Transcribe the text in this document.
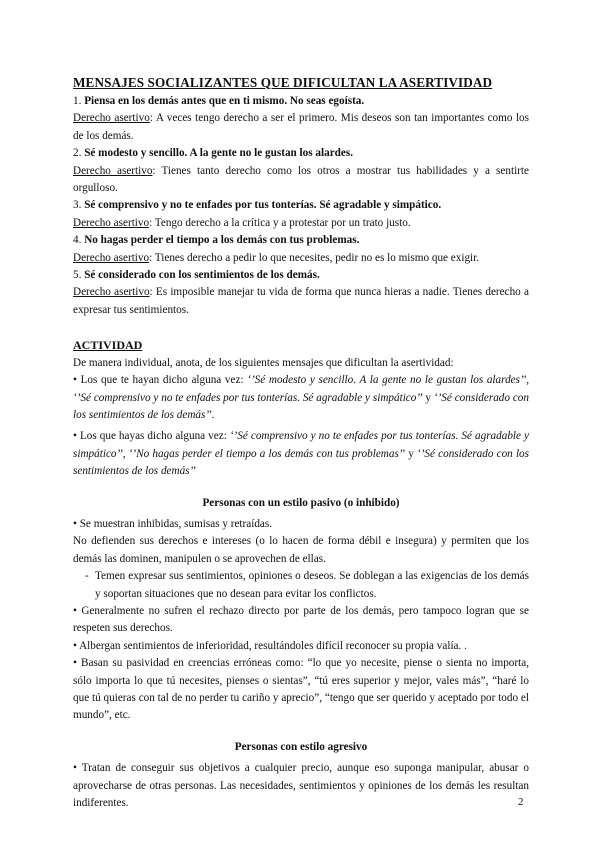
MENSAJES SOCIALIZANTES QUE DIFICULTAN LA ASERTIVIDAD

1. Piensa en los demás antes que en ti mismo. No seas egoísta.

Derecho asertivo: A veces tengo derecho a ser el primero. Mis deseos son tan importantes como los de los demás.

2. Sé modesto y sencillo. A la gente no le gustan los alardes.

Derecho asertivo: Tienes tanto derecho como los otros a mostrar tus habilidades y a sentirte orgulloso.

3. Sé comprensivo y no te enfades por tus tonterías. Sé agradable y simpático.

Derecho asertivo: Tengo derecho a la crítica y a protestar por un trato justo.

4. No hagas perder el tiempo a los demás con tus problemas.

Derecho asertivo: Tienes derecho a pedir lo que necesites, pedir no es lo mismo que exigir.

5. Sé considerado con los sentimientos de los demás.

Derecho asertivo: Es imposible manejar tu vida de forma que nunca hieras a nadie. Tienes derecho a expresar tus sentimientos.

ACTIVIDAD

De manera individual, anota, de los siguientes mensajes que dificultan la asertividad:

• Los que te hayan dicho alguna vez: ‘’Sé modesto y sencillo. A la gente no le gustan los alardes’’, ‘’Sé comprensivo y no te enfades por tus tonterías. Sé agradable y simpático’’ y ‘’Sé considerado con los sentimientos de los demás’’.

• Los que hayas dicho alguna vez: ‘’Sé comprensivo y no te enfades por tus tonterías. Sé agradable y simpático’’, ‘’No hagas perder el tiempo a los demás con tus problemas’’ y ‘’Sé considerado con los sentimientos de los demás’’

Personas con un estilo pasivo (o inhibido)

• Se muestran inhibidas, sumisas y retraídas.

No defienden sus derechos e intereses (o lo hacen de forma débil e insegura) y permiten que los demás las dominen, manipulen o se aprovechen de ellas.

- Temen expresar sus sentimientos, opiniones o deseos. Se doblegan a las exigencias de los demás y soportan situaciones que no desean para evitar los conflictos.

• Generalmente no sufren el rechazo directo por parte de los demás, pero tampoco logran que se respeten sus derechos.

• Albergan sentimientos de inferioridad, resultándoles difícil reconocer su propia valía. .

• Basan su pasividad en creencias erróneas como: “lo que yo necesite, piense o sienta no importa, sólo importa lo que tú necesites, pienses o sientas”, “tú eres superior y mejor, vales más”, “haré lo que tú quieras con tal de no perder tu cariño y aprecio”, “tengo que ser querido y aceptado por todo el mundo”, etc.

Personas con estilo agresivo

• Tratan de conseguir sus objetivos a cualquier precio, aunque eso suponga manipular, abusar o aprovecharse de otras personas. Las necesidades, sentimientos y opiniones de los demás les resultan indiferentes.	2
